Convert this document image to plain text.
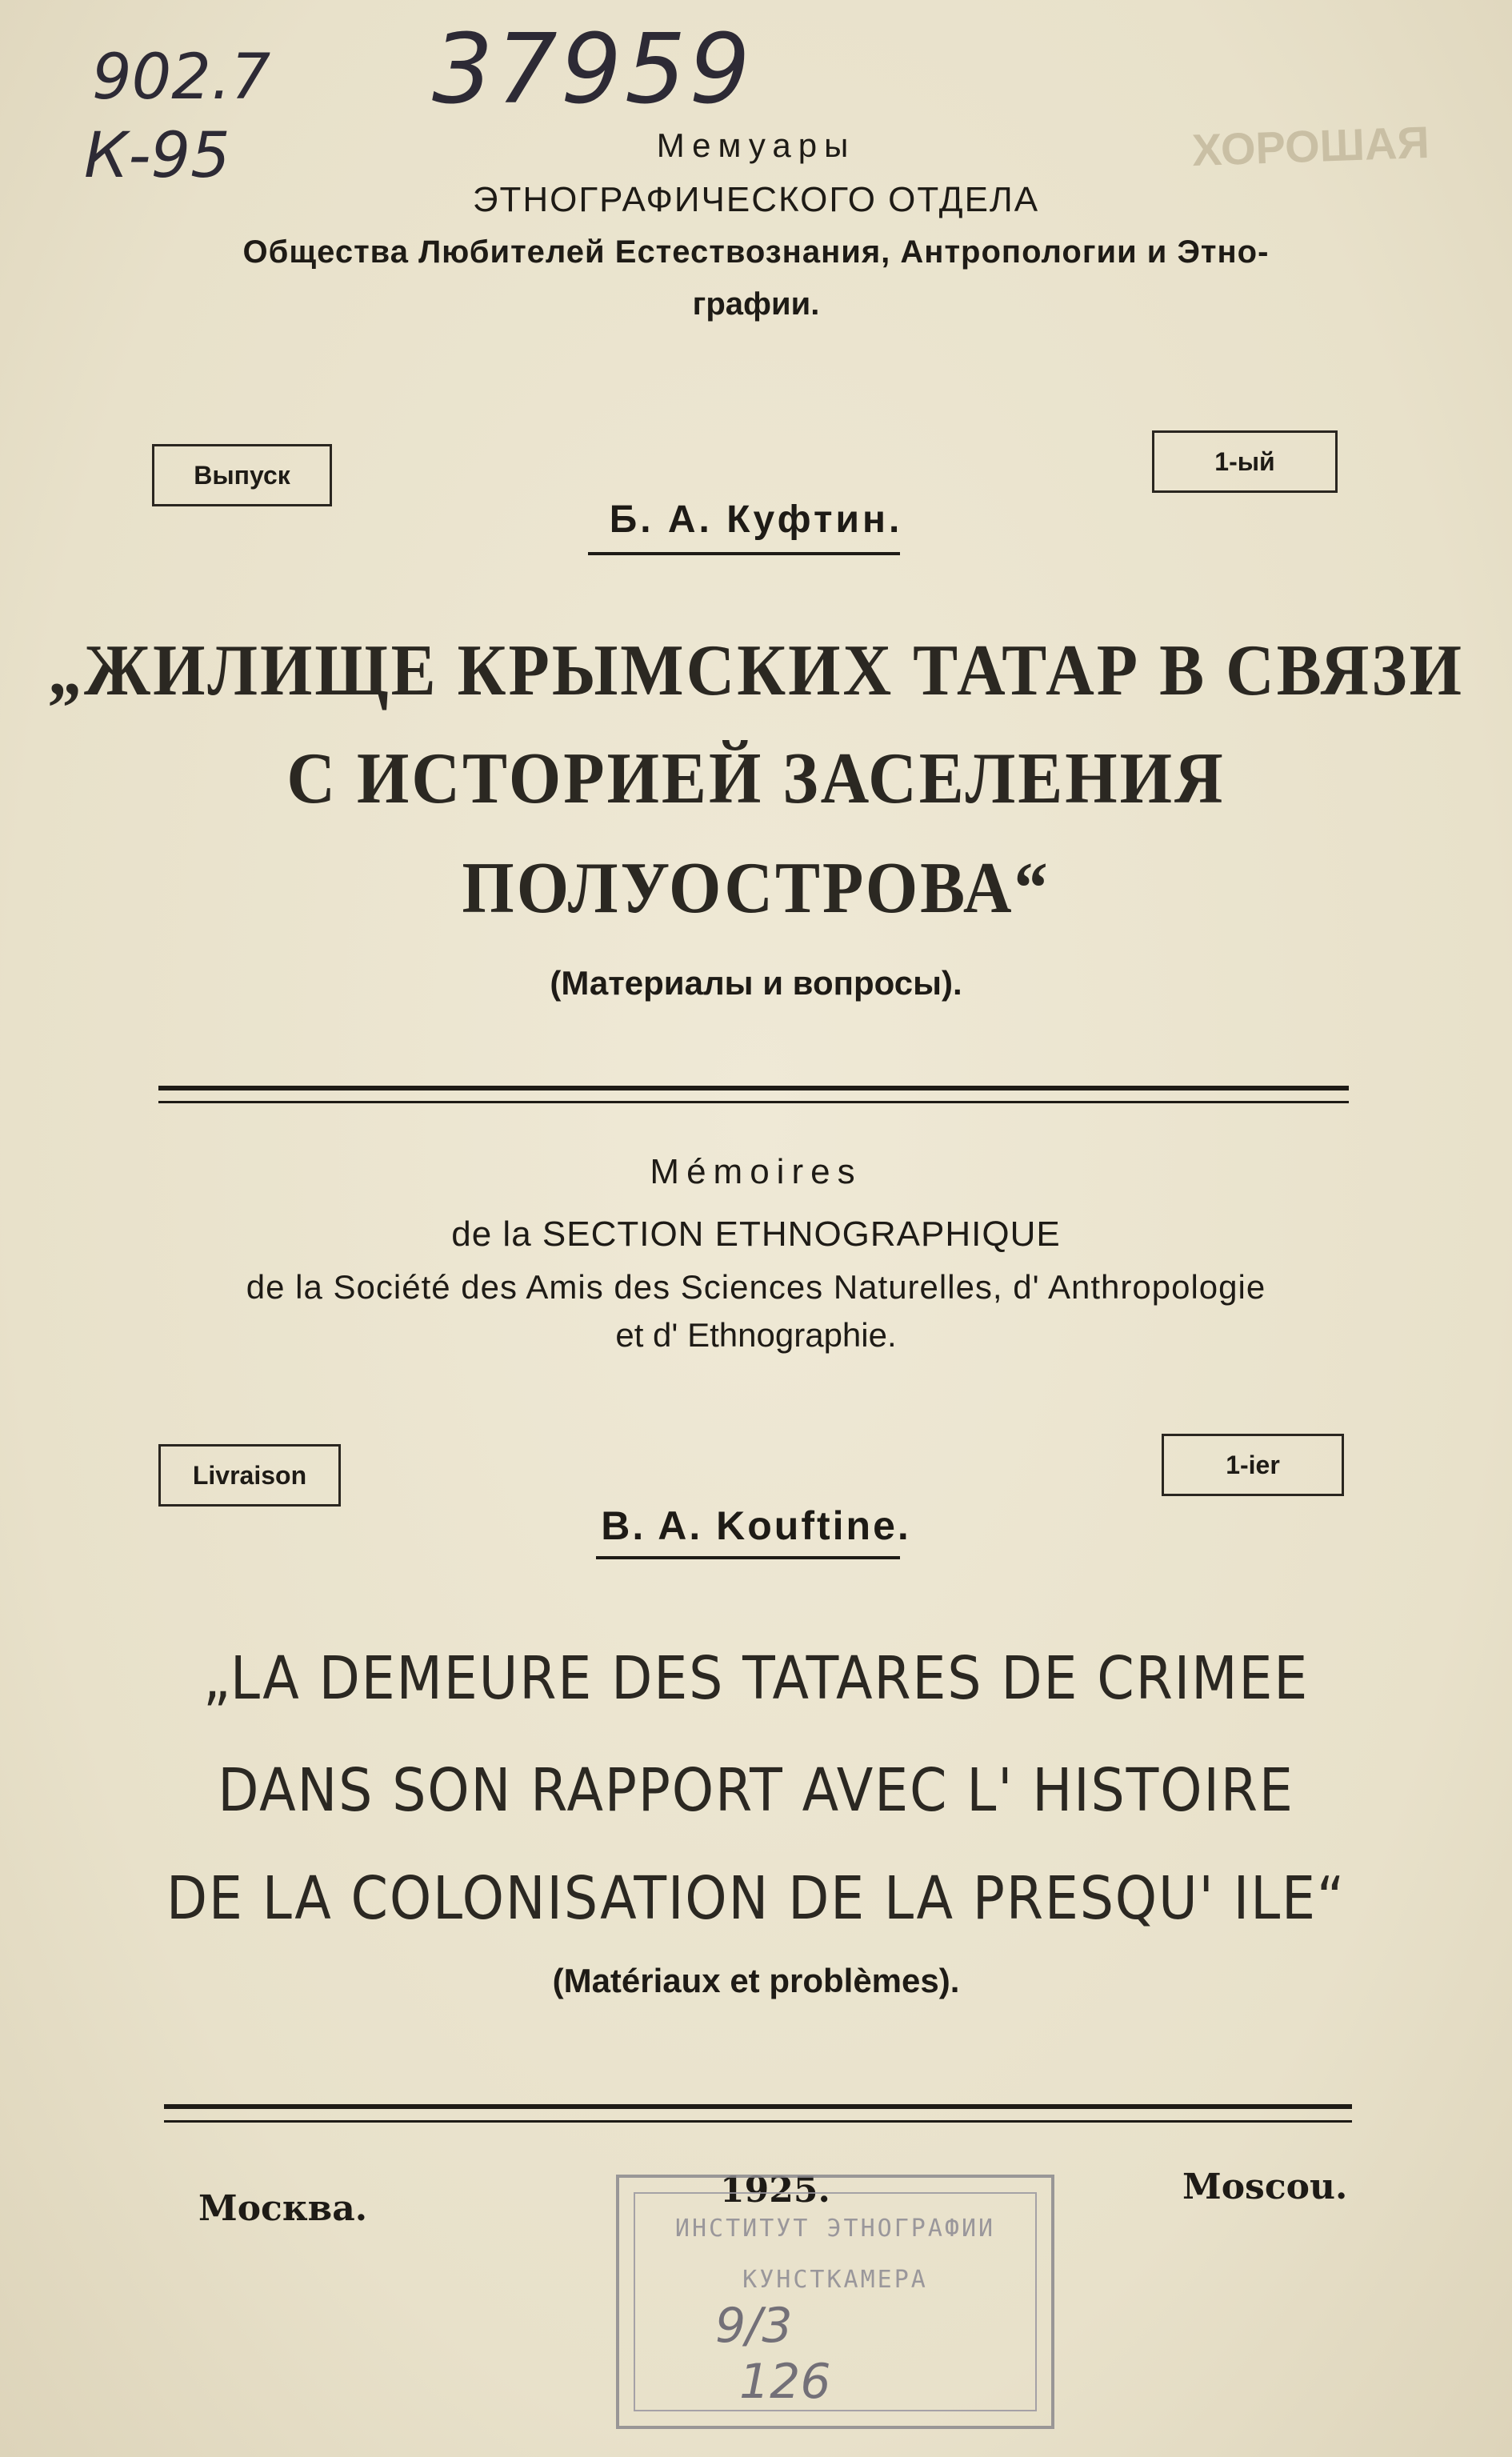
37959
902.7
К-95	ХОРОШАЯ
Мемуары
ЭТНОГРАФИЧЕСКОГО ОТДЕЛА
Общества Любителей Естествознания, Антропологии и Этно-
графии.
Выпуск	1-ый
Б. А. Куфтин.
„ЖИЛИЩЕ КРЫМСКИХ ТАТАР В СВЯЗИ
С ИСТОРИЕЙ ЗАСЕЛЕНИЯ
ПОЛУОСТРОВА“
(Материалы и вопросы).
Mémoires
de la SECTION ETHNOGRAPHIQUE
de la Société des Amis des Sciences Naturelles, d' Anthropologie
et d' Ethnographie.
Livraison	1-ier
B. A. Kouftine.
„LA DEMEURE DES TATARES DE CRIMEE
DANS SON RAPPORT AVEC L' HISTOIRE
DE LA COLONISATION DE LA PRESQU' ILE“
(Matériaux et problèmes).
Москва.	1925.	Moscou.
ИНСТИТУТ ЭТНОГРАФИИ
КУНСТКАМЕРА
9/3
126
